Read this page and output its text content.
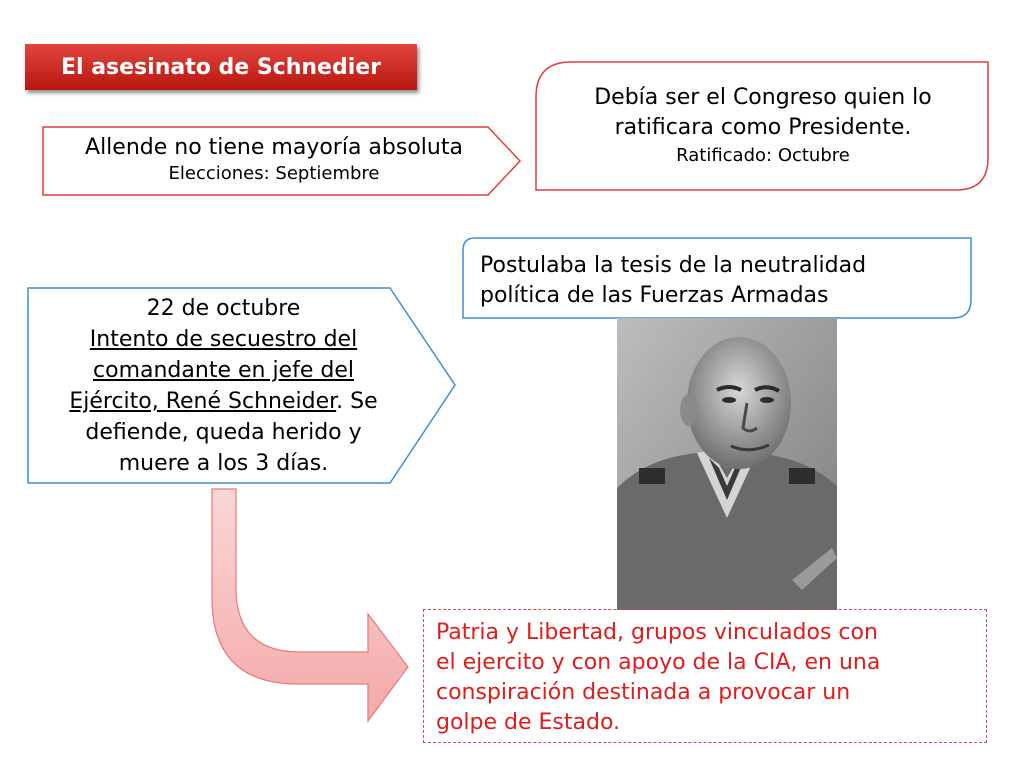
El asesinato de Schnedier
Allende no tiene mayoría absoluta
Elecciones: Septiembre
Debía ser el Congreso quien lo
ratificara como Presidente.
Ratificado: Octubre
Postulaba la tesis de la neutralidad
política de las Fuerzas Armadas
22 de octubre
Intento de secuestro del
comandante en jefe del
Ejército, René Schneider. Se
defiende, queda herido y
muere a los 3 días.
Patria y Libertad, grupos vinculados con
el ejercito y con apoyo de la CIA, en una
conspiración destinada a provocar un
golpe de Estado.
